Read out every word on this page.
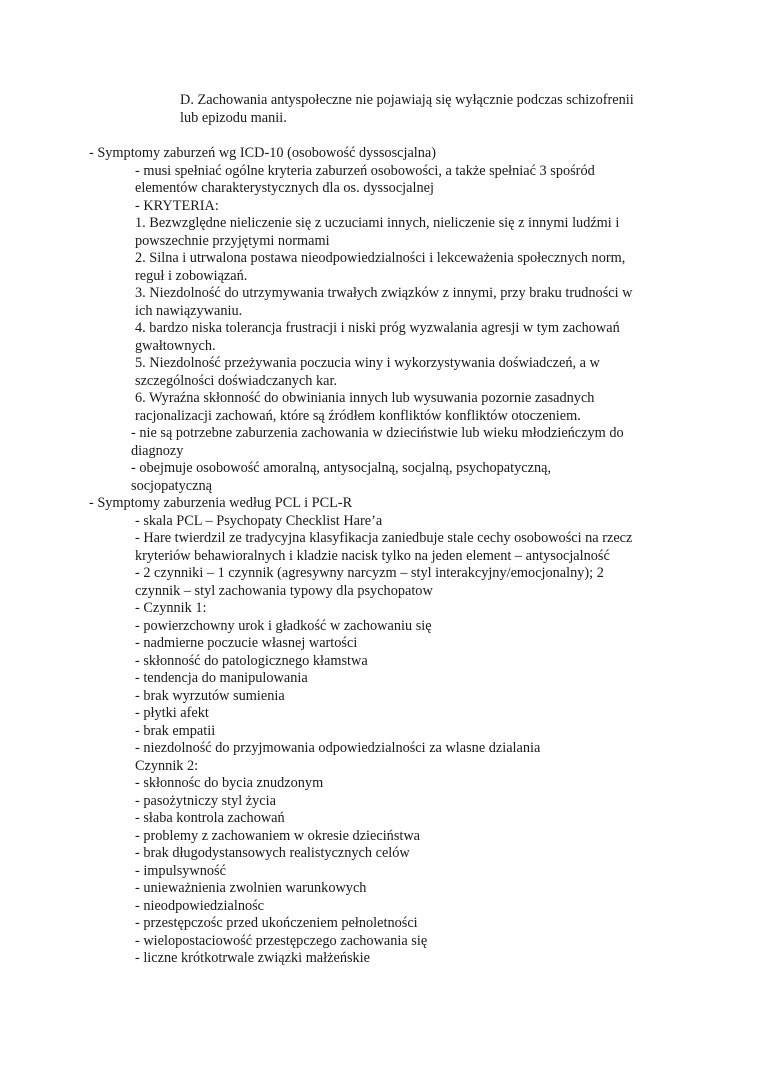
D. Zachowania antyspołeczne nie pojawiają się wyłącznie podczas schizofrenii
lub epizodu manii.
- Symptomy zaburzeń wg ICD-10 (osobowość dyssoscjalna)
- musi spełniać ogólne kryteria zaburzeń osobowości, a także spełniać 3 spośród
elementów charakterystycznych dla os. dyssocjalnej
- KRYTERIA:
1. Bezwzględne nieliczenie się z uczuciami innych, nieliczenie się z innymi ludźmi i
powszechnie przyjętymi normami
2. Silna i utrwalona postawa nieodpowiedzialności i lekceważenia społecznych norm,
reguł i zobowiązań.
3. Niezdolność do utrzymywania trwałych związków z innymi, przy braku trudności w
ich nawiązywaniu.
4. bardzo niska tolerancja frustracji i niski próg wyzwalania agresji w tym zachowań
gwałtownych.
5. Niezdolność przeżywania poczucia winy i wykorzystywania doświadczeń, a w
szczególności doświadczanych kar.
6. Wyraźna skłonność do obwiniania innych lub wysuwania pozornie zasadnych
racjonalizacji zachowań, które są źródłem konfliktów konfliktów otoczeniem.
- nie są potrzebne zaburzenia zachowania w dzieciństwie lub wieku młodzieńczym do
diagnozy
- obejmuje osobowość amoralną, antysocjalną, socjalną, psychopatyczną,
socjopatyczną
- Symptomy zaburzenia według PCL i PCL-R
- skala PCL – Psychopaty Checklist Hare’a
- Hare twierdzil ze tradycyjna klasyfikacja zaniedbuje stale cechy osobowości na rzecz
kryteriów behawioralnych i kladzie nacisk tylko na jeden element – antysocjalność
- 2 czynniki – 1 czynnik (agresywny narcyzm – styl interakcyjny/emocjonalny); 2
czynnik – styl zachowania typowy dla psychopatow
- Czynnik 1:
- powierzchowny urok i gładkość w zachowaniu się
- nadmierne poczucie własnej wartości
- skłonność do patologicznego kłamstwa
- tendencja do manipulowania
- brak wyrzutów sumienia
- płytki afekt
- brak empatii
- niezdolność do przyjmowania odpowiedzialności za wlasne dzialania
Czynnik 2:
- skłonnośc do bycia znudzonym
- pasożytniczy styl życia
- słaba kontrola zachowań
- problemy z zachowaniem w okresie dzieciństwa
- brak długodystansowych realistycznych celów
- impulsywność
- unieważnienia zwolnien warunkowych
- nieodpowiedzialnośc
- przestępczośc przed ukończeniem pełnoletności
- wielopostaciowość przestępczego zachowania się
- liczne krótkotrwale związki małżeńskie
